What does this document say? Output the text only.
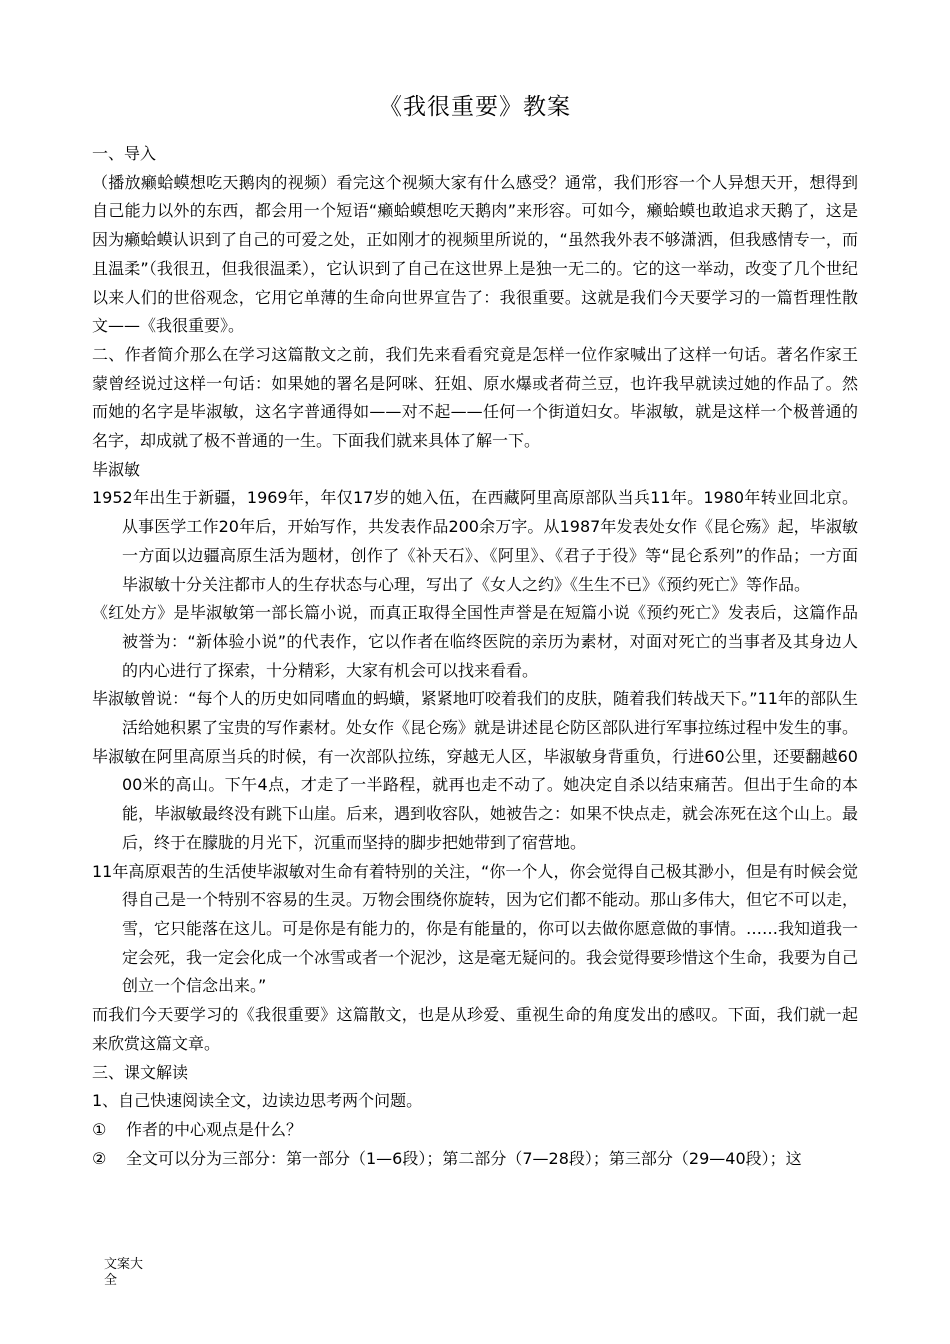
《我很重要》教案

一、导入

（播放癞蛤蟆想吃天鹅肉的视频）看完这个视频大家有什么感受？通常，我们形容一个人异想天开，想得到自己能力以外的东西，都会用一个短语“癞蛤蟆想吃天鹅肉”来形容。可如今，癞蛤蟆也敢追求天鹅了，这是因为癞蛤蟆认识到了自己的可爱之处，正如刚才的视频里所说的，“虽然我外表不够潇洒，但我感情专一，而且温柔”（我很丑，但我很温柔），它认识到了自己在这世界上是独一无二的。它的这一举动，改变了几个世纪以来人们的世俗观念，它用它单薄的生命向世界宣告了：我很重要。这就是我们今天要学习的一篇哲理性散文——《我很重要》。

二、作者简介那么在学习这篇散文之前，我们先来看看究竟是怎样一位作家喊出了这样一句话。著名作家王蒙曾经说过这样一句话：如果她的署名是阿咪、狂姐、原水爆或者荷兰豆，也许我早就读过她的作品了。然而她的名字是毕淑敏，这名字普通得如——对不起——任何一个街道妇女。毕淑敏，就是这样一个极普通的名字，却成就了极不普通的一生。下面我们就来具体了解一下。

毕淑敏

1952年出生于新疆，1969年，年仅17岁的她入伍，在西藏阿里高原部队当兵11年。1980年转业回北京。从事医学工作20年后，开始写作，共发表作品200余万字。从1987年发表处女作《昆仑殇》起，毕淑敏一方面以边疆高原生活为题材，创作了《补天石》、《阿里》、《君子于役》等“昆仑系列”的作品；一方面毕淑敏十分关注都市人的生存状态与心理，写出了《女人之约》《生生不已》《预约死亡》等作品。

《红处方》是毕淑敏第一部长篇小说，而真正取得全国性声誉是在短篇小说《预约死亡》发表后，这篇作品被誉为：“新体验小说”的代表作，它以作者在临终医院的亲历为素材，对面对死亡的当事者及其身边人的内心进行了探索，十分精彩，大家有机会可以找来看看。

毕淑敏曾说：“每个人的历史如同嗜血的蚂蟥，紧紧地叮咬着我们的皮肤，随着我们转战天下。”11年的部队生活给她积累了宝贵的写作素材。处女作《昆仑殇》就是讲述昆仑防区部队进行军事拉练过程中发生的事。

毕淑敏在阿里高原当兵的时候，有一次部队拉练，穿越无人区，毕淑敏身背重负，行进60公里，还要翻越6000米的高山。下午4点，才走了一半路程，就再也走不动了。她决定自杀以结束痛苦。但出于生命的本能，毕淑敏最终没有跳下山崖。后来，遇到收容队，她被告之：如果不快点走，就会冻死在这个山上。最后，终于在朦胧的月光下，沉重而坚持的脚步把她带到了宿营地。

11年高原艰苦的生活使毕淑敏对生命有着特别的关注，“你一个人，你会觉得自己极其渺小，但是有时候会觉得自己是一个特别不容易的生灵。万物会围绕你旋转，因为它们都不能动。那山多伟大，但它不可以走，雪，它只能落在这儿。可是你是有能力的，你是有能量的，你可以去做你愿意做的事情。……我知道我一定会死，我一定会化成一个冰雪或者一个泥沙，这是毫无疑问的。我会觉得要珍惜这个生命，我要为自己创立一个信念出来。”

而我们今天要学习的《我很重要》这篇散文，也是从珍爱、重视生命的角度发出的感叹。下面，我们就一起来欣赏这篇文章。

三、课文解读

1、自己快速阅读全文，边读边思考两个问题。

①	作者的中心观点是什么？
②	全文可以分为三部分：第一部分（1—6段）；第二部分（7—28段）；第三部分（29—40段）；这
文案大全
